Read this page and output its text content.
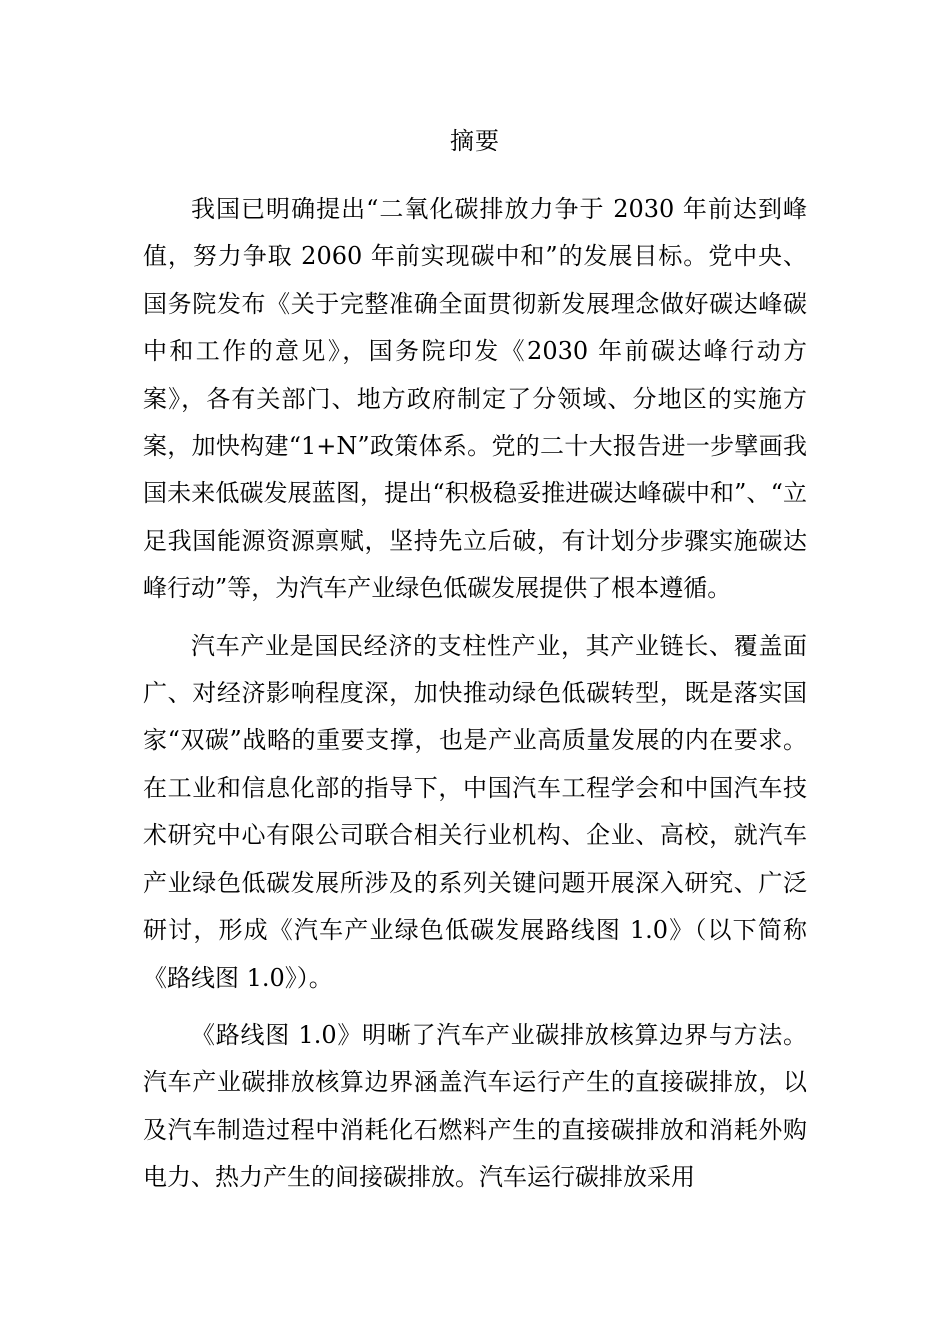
摘要

我国已明确提出“二氧化碳排放力争于 2030 年前达到峰值，努力争取 2060 年前实现碳中和”的发展目标。党中央、国务院发布《关于完整准确全面贯彻新发展理念做好碳达峰碳中和工作的意见》，国务院印发《2030 年前碳达峰行动方案》，各有关部门、地方政府制定了分领域、分地区的实施方案，加快构建“1+N”政策体系。党的二十大报告进一步擘画我国未来低碳发展蓝图，提出“积极稳妥推进碳达峰碳中和”、“立足我国能源资源禀赋，坚持先立后破，有计划分步骤实施碳达峰行动”等，为汽车产业绿色低碳发展提供了根本遵循。

汽车产业是国民经济的支柱性产业，其产业链长、覆盖面广、对经济影响程度深，加快推动绿色低碳转型，既是落实国家“双碳”战略的重要支撑，也是产业高质量发展的内在要求。在工业和信息化部的指导下，中国汽车工程学会和中国汽车技术研究中心有限公司联合相关行业机构、企业、高校，就汽车产业绿色低碳发展所涉及的系列关键问题开展深入研究、广泛研讨，形成《汽车产业绿色低碳发展路线图 1.0》（以下简称《路线图 1.0》）。

《路线图 1.0》明晰了汽车产业碳排放核算边界与方法。汽车产业碳排放核算边界涵盖汽车运行产生的直接碳排放，以及汽车制造过程中消耗化石燃料产生的直接碳排放和消耗外购电力、热力产生的间接碳排放。汽车运行碳排放采用
